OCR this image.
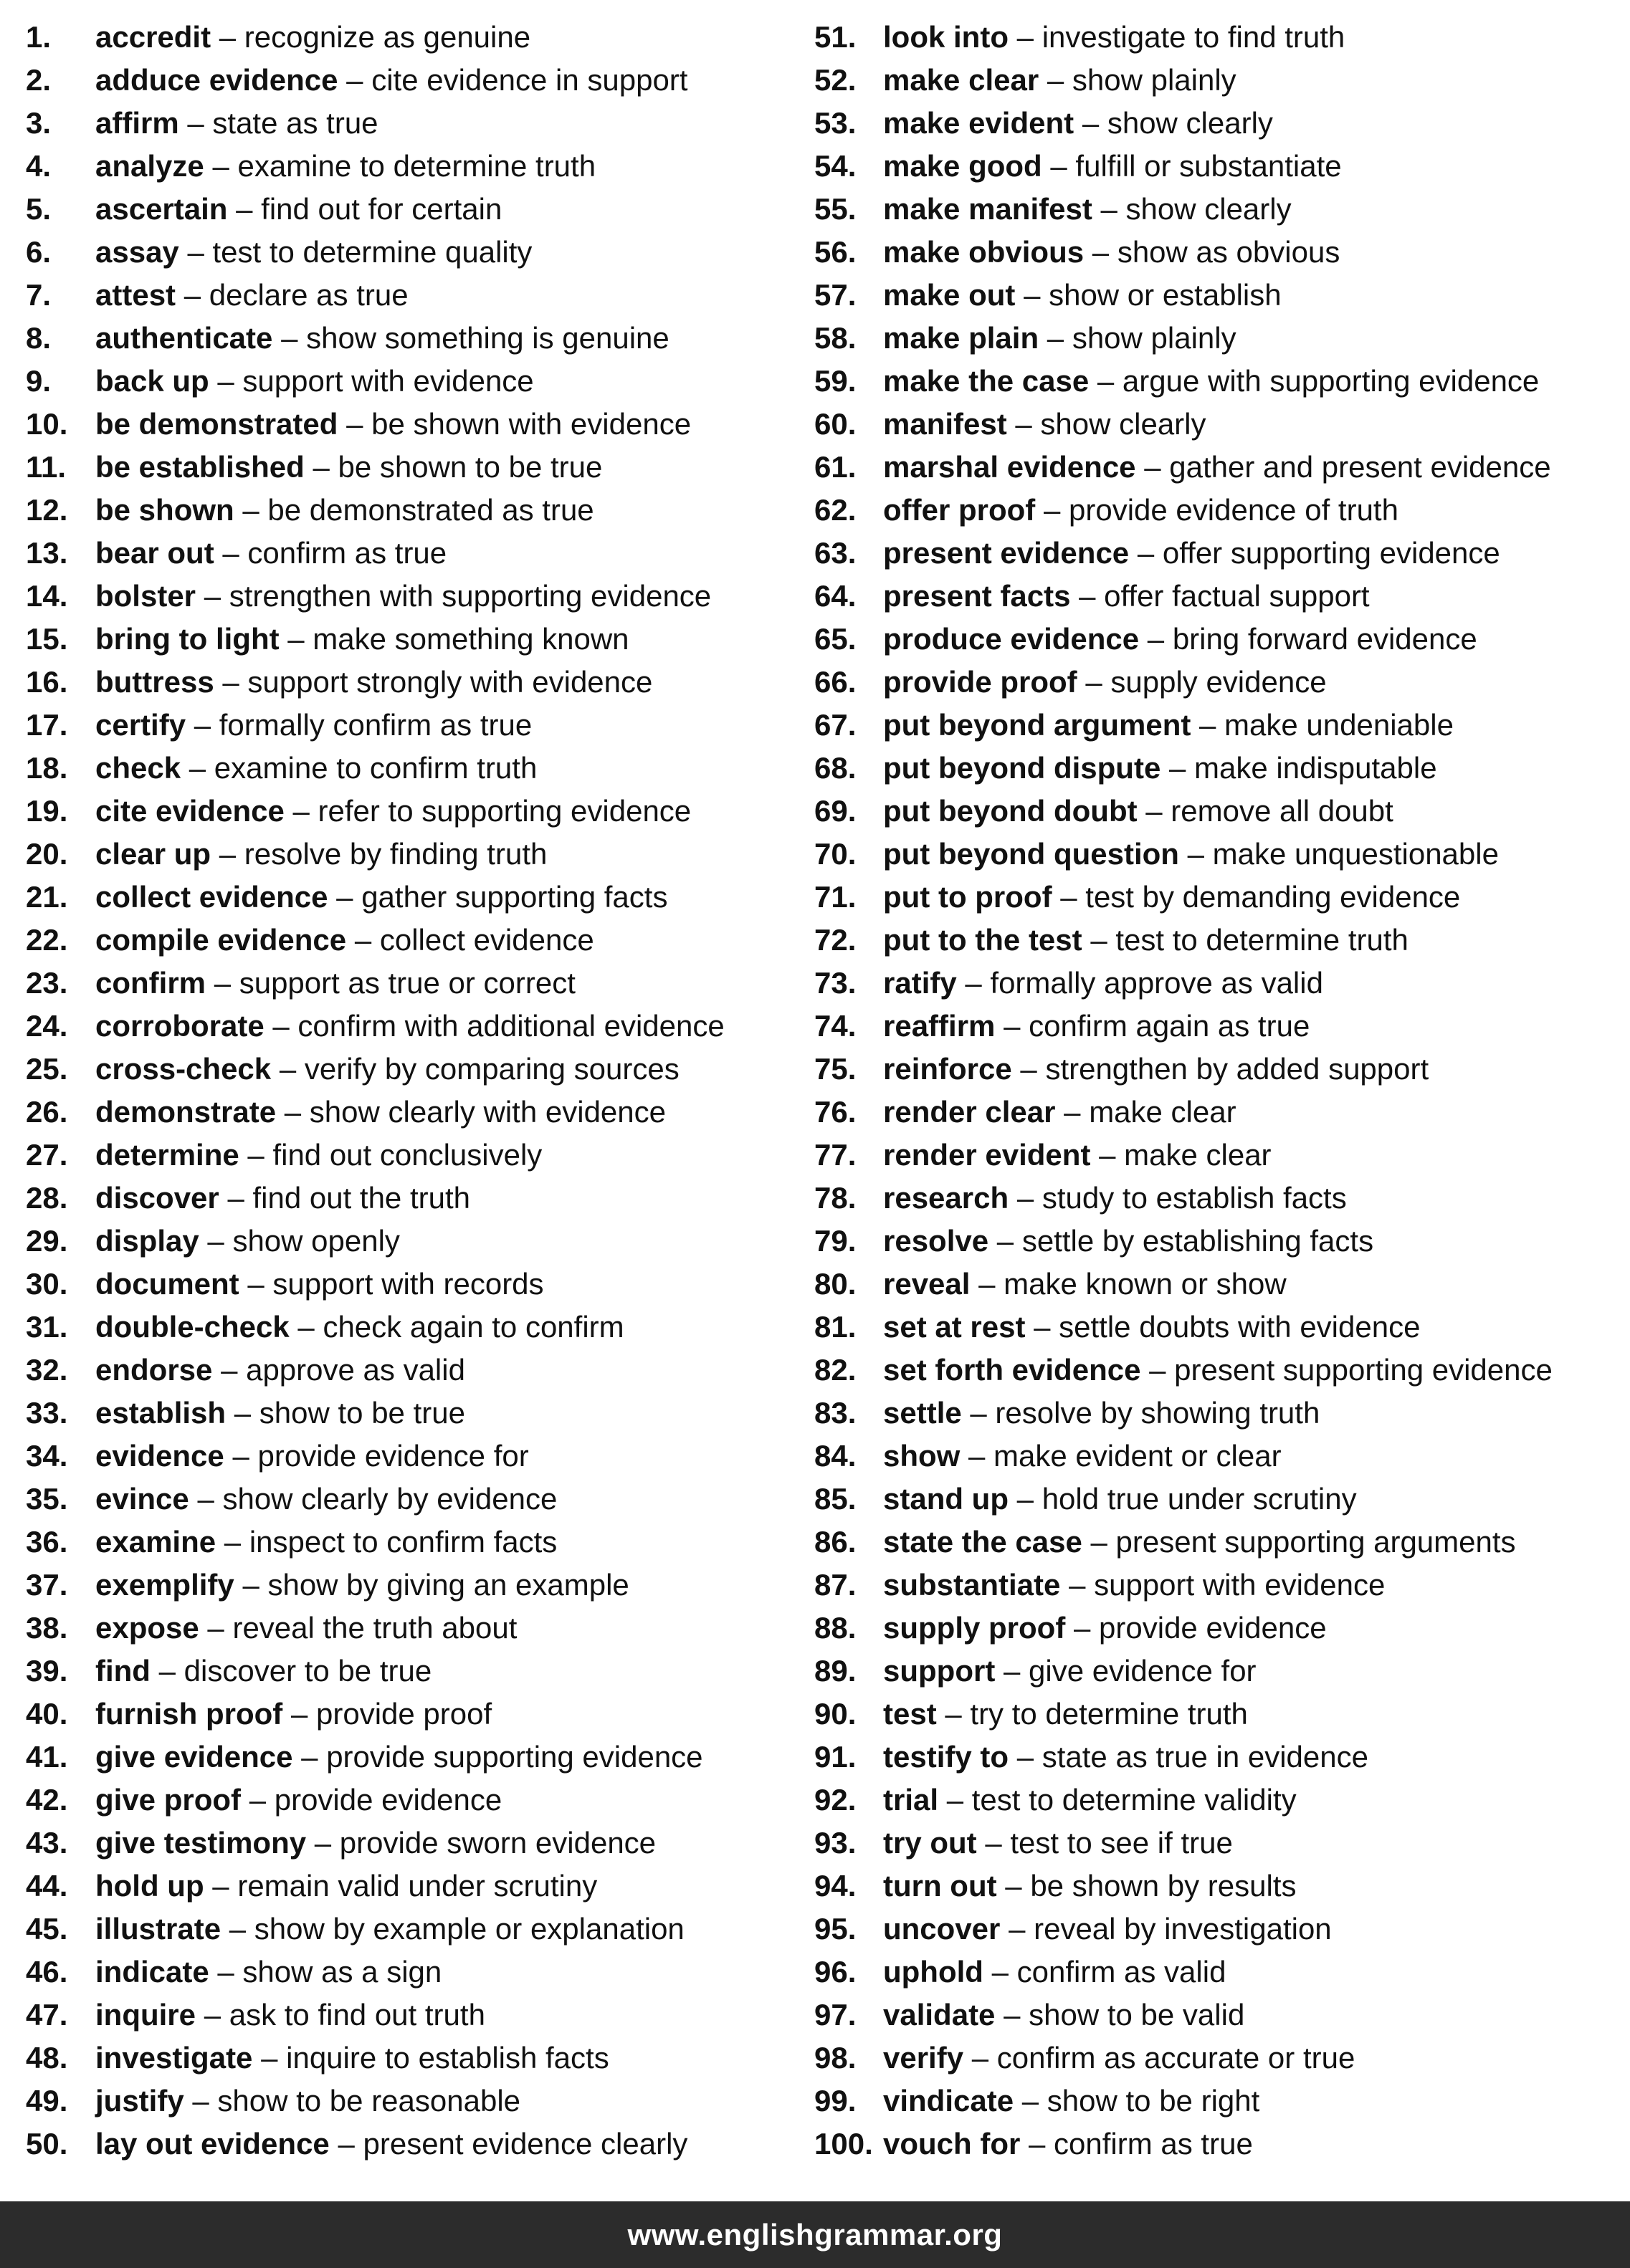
1.	accredit
–
recognize as genuine
2.	adduce evidence
–
cite evidence in support
3.	affirm
–
state as true
4.	analyze
–
examine to determine truth
5.	ascertain
–
find out for certain
6.	assay
–
test to determine quality
7.	attest
–
declare as true
8.	authenticate
–
show something is genuine
9.	back up
–
support with evidence
10. be demonstrated
–
be shown with evidence
11. be established
–
be shown to be true
12. be shown
–
be demonstrated as true
13. bear out
–
confirm as true
14. bolster
–
strengthen with supporting evidence
15. bring to light
–
make something known
16. buttress
–
support strongly with evidence
17. certify
–
formally confirm as true
18. check
–
examine to confirm truth
19. cite evidence
–
refer to supporting evidence
20. clear up
–
resolve by finding truth
21. collect evidence
–
gather supporting facts
22. compile evidence
–
collect evidence
23. confirm
–
support as true or correct
24. corroborate
–
confirm with additional evidence
25. cross-check
–
verify by comparing sources
26. demonstrate
–
show clearly with evidence
27. determine
–
find out conclusively
28. discover
–
find out the truth
29. display
–
show openly
30. document
–
support with records
31. double-check
–
check again to confirm
32. endorse
–
approve as valid
33. establish
–
show to be true
34. evidence
–
provide evidence for
35. evince
–
show clearly by evidence
36. examine
–
inspect to confirm facts
37. exemplify
–
show by giving an example
38. expose
–
reveal the truth about
39. find
–
discover to be true
40. furnish proof
–
provide proof
41. give evidence
–
provide supporting evidence
42. give proof
–
provide evidence
43. give testimony
–
provide sworn evidence
44. hold up
–
remain valid under scrutiny
45. illustrate
–
show by example or explanation
46. indicate
–
show as a sign
47. inquire
–
ask to find out truth
48. investigate
–
inquire to establish facts
49. justify
–
show to be reasonable
50. lay out evidence
–
present evidence clearly
51. look into
–
investigate to find truth
52. make clear
–
show plainly
53. make evident
–
show clearly
54. make good
–
fulfill or substantiate
55. make manifest
–
show clearly
56. make obvious
–
show as obvious
57. make out
–
show or establish
58. make plain
–
show plainly
59. make the case
–
argue with supporting evidence
60. manifest
–
show clearly
61. marshal evidence
–
gather and present evidence
62. offer proof
–
provide evidence of truth
63. present evidence
–
offer supporting evidence
64. present facts
–
offer factual support
65. produce evidence
–
bring forward evidence
66. provide proof
–
supply evidence
67. put beyond argument
–
make undeniable
68. put beyond dispute
–
make indisputable
69. put beyond doubt
–
remove all doubt
70. put beyond question
–
make unquestionable
71. put to proof
–
test by demanding evidence
72. put to the test
–
test to determine truth
73. ratify
–
formally approve as valid
74. reaffirm
–
confirm again as true
75. reinforce
–
strengthen by added support
76. render clear
–
make clear
77. render evident
–
make clear
78. research
–
study to establish facts
79. resolve
–
settle by establishing facts
80. reveal
–
make known or show
81. set at rest
–
settle doubts with evidence
82. set forth evidence
–
present supporting evidence
83. settle
–
resolve by showing truth
84. show
–
make evident or clear
85. stand up
–
hold true under scrutiny
86. state the case
–
present supporting arguments
87. substantiate
–
support with evidence
88. supply proof
–
provide evidence
89. support
–
give evidence for
90. test
–
try to determine truth
91. testify to
–
state as true in evidence
92. trial
–
test to determine validity
93. try out
–
test to see if true
94. turn out
–
be shown by results
95. uncover
–
reveal by investigation
96. uphold
–
confirm as valid
97. validate
–
show to be valid
98. verify
–
confirm as accurate or true
99. vindicate
–
show to be right
100. vouch for
–
confirm as true
www.englishgrammar.org
